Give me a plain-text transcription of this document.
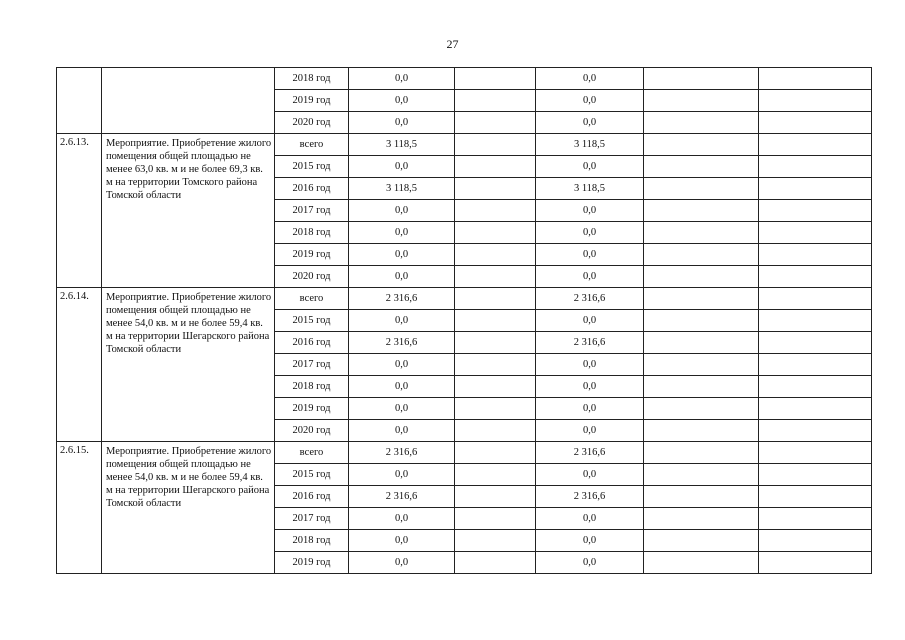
27
		2018 год	0,0		0,0		
		2019 год	0,0		0,0		
		2020 год	0,0		0,0		
2.6.13.	Мероприятие. Приобретение жилого помещения общей площадью не менее 63,0 кв. м и не более 69,3 кв. м на территории Томского района Томской области	всего	3 118,5		3 118,5		
		2015 год	0,0		0,0		
		2016 год	3 118,5		3 118,5		
		2017 год	0,0		0,0		
		2018 год	0,0		0,0		
		2019 год	0,0		0,0		
		2020 год	0,0		0,0		
2.6.14.	Мероприятие. Приобретение жилого помещения общей площадью не менее 54,0 кв. м и не более 59,4 кв. м на территории Шегарского района Томской области	всего	2 316,6		2 316,6		
		2015 год	0,0		0,0		
		2016 год	2 316,6		2 316,6		
		2017 год	0,0		0,0		
		2018 год	0,0		0,0		
		2019 год	0,0		0,0		
		2020 год	0,0		0,0		
2.6.15.	Мероприятие. Приобретение жилого помещения общей площадью не менее 54,0 кв. м и не более 59,4 кв. м на территории Шегарского района Томской области	всего	2 316,6		2 316,6		
		2015 год	0,0		0,0		
		2016 год	2 316,6		2 316,6		
		2017 год	0,0		0,0		
		2018 год	0,0		0,0		
		2019 год	0,0		0,0		
